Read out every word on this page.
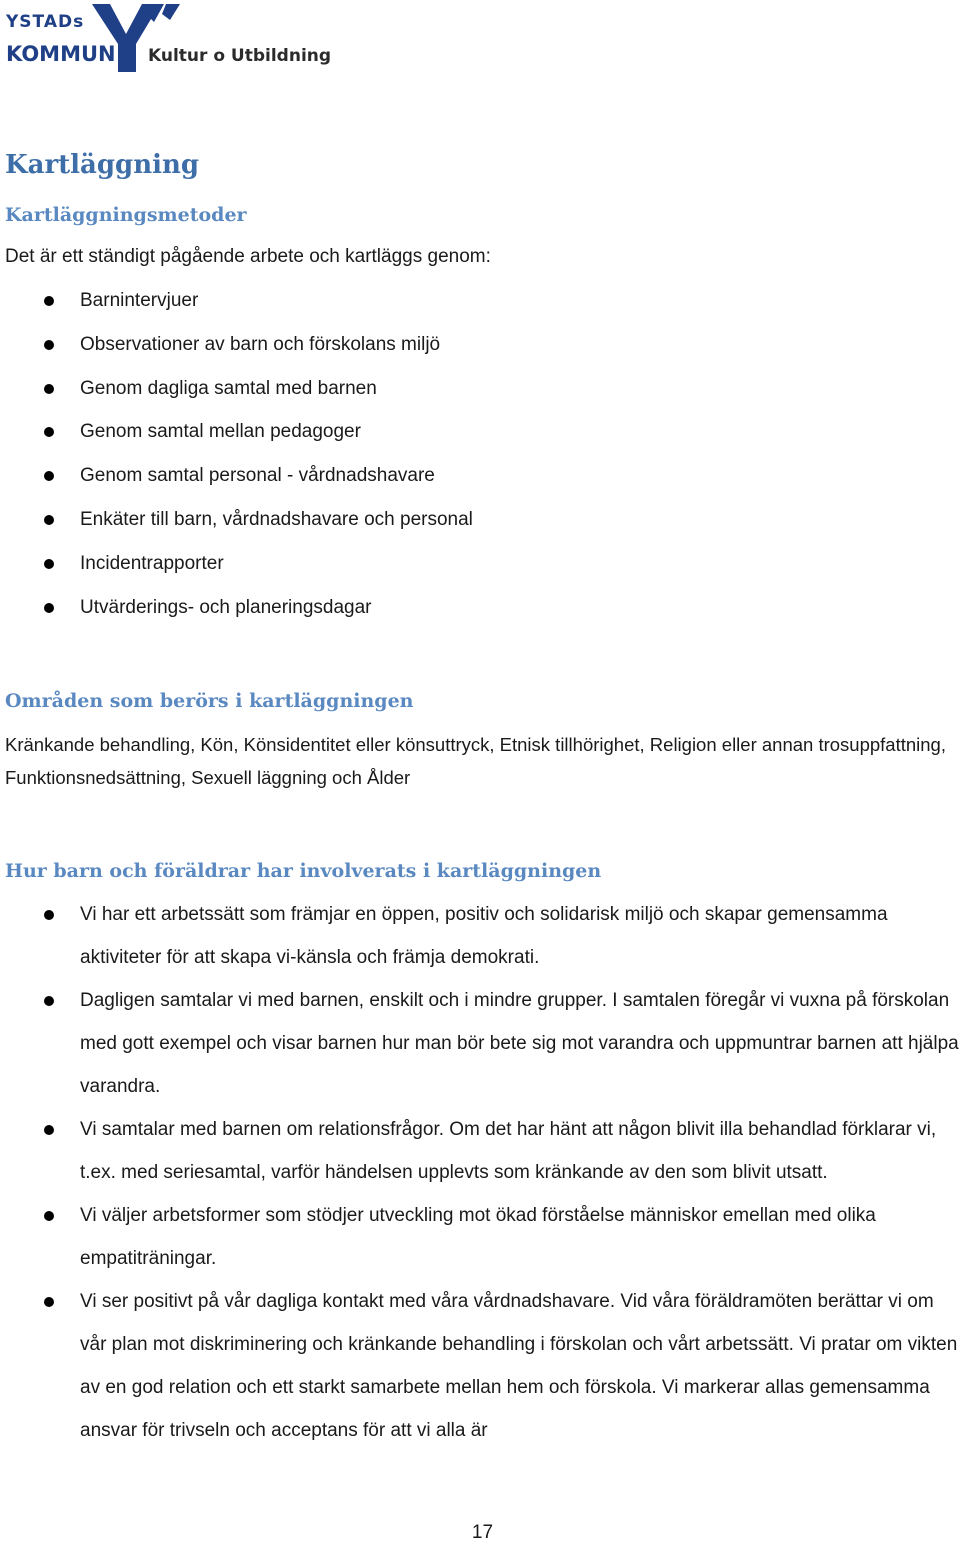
YSTADs
KOMMUN Kultur o Utbildning
Kartläggning
Kartläggningsmetoder

Det är ett ständigt pågående arbete och kartläggs genom:

Barnintervjuer
Observationer av barn och förskolans miljö
Genom dagliga samtal med barnen
Genom samtal mellan pedagoger
Genom samtal personal - vårdnadshavare
Enkäter till barn, vårdnadshavare och personal
Incidentrapporter
Utvärderings- och planeringsdagar
Områden som berörs i kartläggningen

Kränkande behandling, Kön, Könsidentitet eller könsuttryck, Etnisk tillhörighet, Religion eller annan trosuppfattning, Funktionsnedsättning, Sexuell läggning och Ålder

Hur barn och föräldrar har involverats i kartläggningen
Vi har ett arbetssätt som främjar en öppen, positiv och solidarisk miljö och skapar gemensamma aktiviteter för att skapa vi-känsla och främja demokrati.
Dagligen samtalar vi med barnen, enskilt och i mindre grupper. I samtalen föregår vi vuxna på förskolan med gott exempel och visar barnen hur man bör bete sig mot varandra och uppmuntrar barnen att hjälpa varandra.
Vi samtalar med barnen om relationsfrågor. Om det har hänt att någon blivit illa behandlad förklarar vi, t.ex. med seriesamtal, varför händelsen upplevts som kränkande av den som blivit utsatt.
Vi väljer arbetsformer som stödjer utveckling mot ökad förståelse människor emellan med olika empatiträningar.
Vi ser positivt på vår dagliga kontakt med våra vårdnadshavare. Vid våra föräldramöten berättar vi om vår plan mot diskriminering och kränkande behandling i förskolan och vårt arbetssätt. Vi pratar om vikten av en god relation och ett starkt samarbete mellan hem och förskola. Vi markerar allas gemensamma ansvar för trivseln och acceptans för att vi alla är
17
